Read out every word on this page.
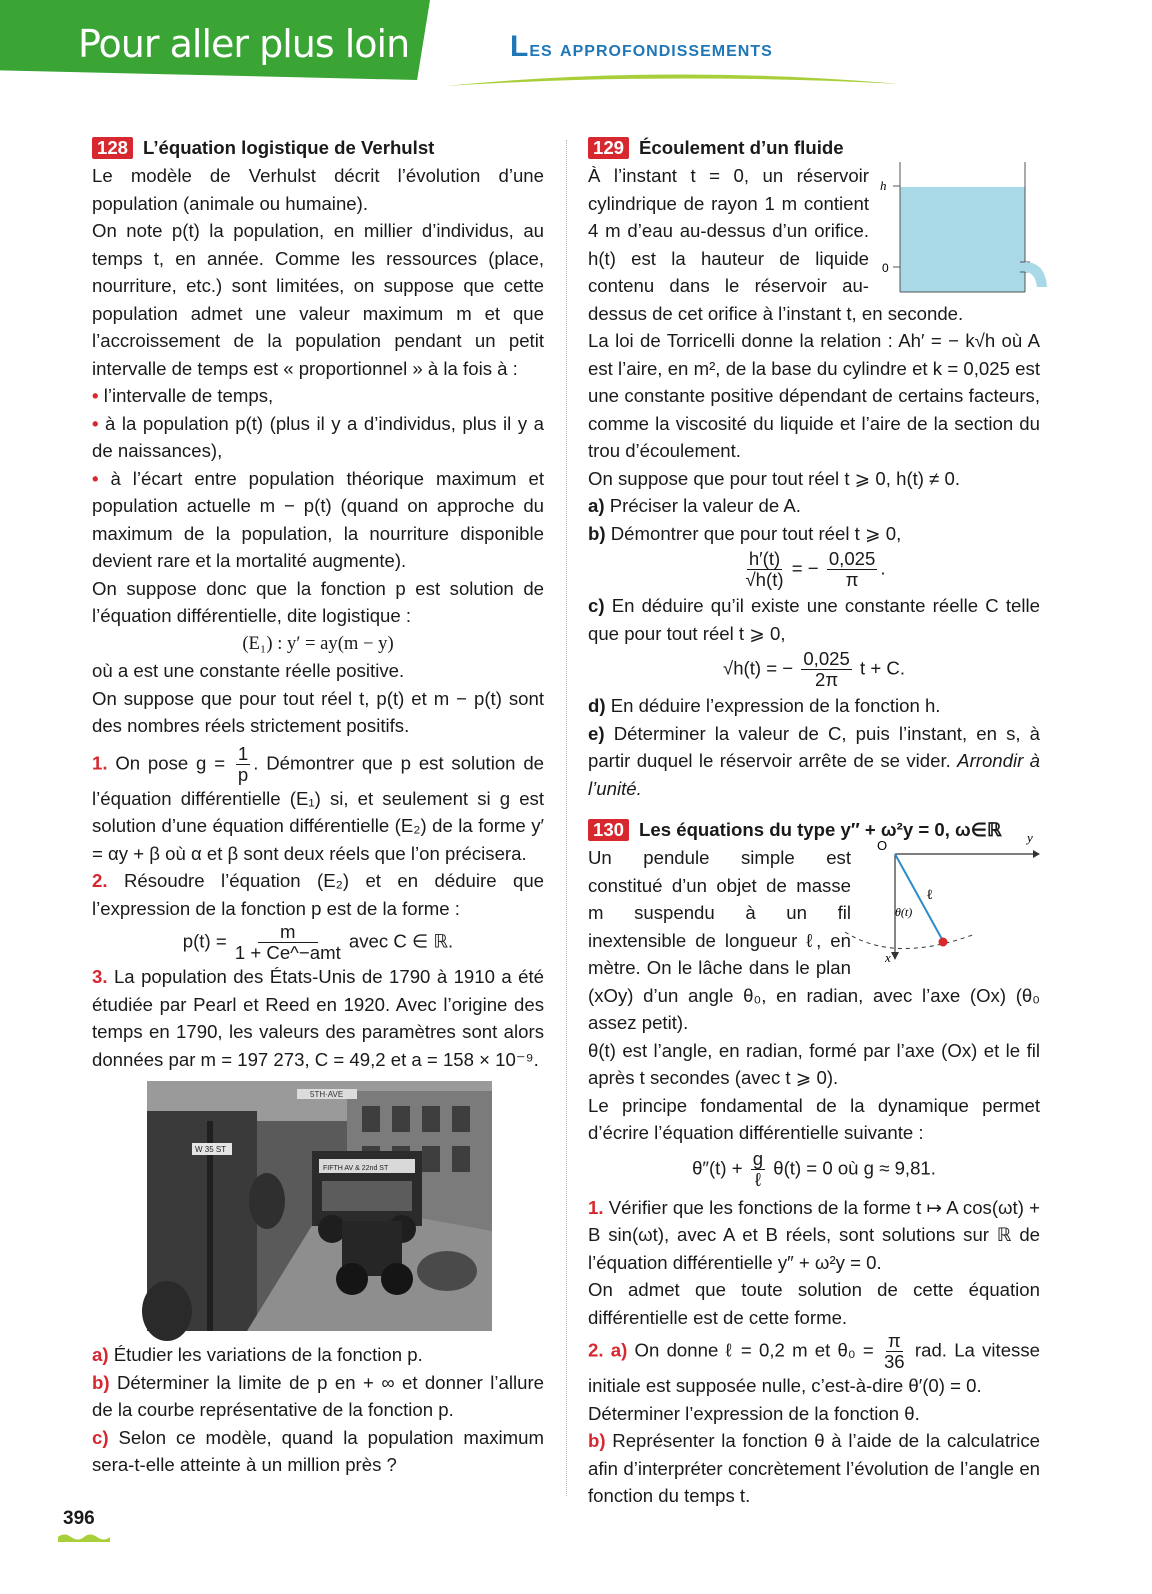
Pour aller plus loin	Les approfondissements
128 L’équation logistique de Verhulst

Le modèle de Verhulst décrit l’évolution d’une population (animale ou humaine).

On note p(t) la population, en millier d’individus, au temps t, en année. Comme les ressources (place, nourriture, etc.) sont limitées, on suppose que cette population admet une valeur maximum m et que l’accroissement de la population pendant un petit intervalle de temps est « proportionnel » à la fois à :

• l’intervalle de temps,

• à la population p(t) (plus il y a d’individus, plus il y a de naissances),

• à l’écart entre population théorique maximum et population actuelle m − p(t) (quand on approche du maximum de la population, la nourriture disponible devient rare et la mortalité augmente).

On suppose donc que la fonction p est solution de l’équation différentielle, dite logistique :

(E₁) : y′ = ay(m − y)

où a est une constante réelle positive.

On suppose que pour tout réel t, p(t) et m − p(t) sont des nombres réels strictement positifs.

1. On pose $g = \frac{1}{p}$ . Démontrer que p est solution de l’équation différentielle (E₁) si, et seulement si g est solution d’une équation différentielle (E₂) de la forme y′ = αy + β où α et β sont deux réels que l’on précisera.

2. Résoudre l’équation (E₂) et en déduire que l’expression de la fonction p est de la forme :

$p(t) = \frac{m}{\text{1 + Ce\textasciicircum{}−amt}}$ avec C ∈ ℝ.

3. La population des États-Unis de 1790 à 1910 a été étudiée par Pearl et Reed en 1920. Avec l’origine des temps en 1790, les valeurs des paramètres sont alors données par m = 197 273, C = 49,2 et a = 158 × 10⁻⁹.

5TH·AVE
W 35 ST
FIFTH AV & 22nd ST

a) Étudier les variations de la fonction p.

b) Déterminer la limite de p en + ∞ et donner l’allure de la courbe représentative de la fonction p.

c) Selon ce modèle, quand la population maximum sera-t-elle atteinte à un million près ?

129 Écoulement d’un fluide
h
0

À l’instant t = 0, un réservoir cylindrique de rayon 1 m contient 4 m d’eau au-dessus d’un orifice. h(t) est la hauteur de liquide contenu dans le réservoir au-dessus de cet orifice à l’instant t, en seconde.

La loi de Torricelli donne la relation : Ah′ = − k√h où A est l’aire, en m², de la base du cylindre et k = 0,025 est une constante positive dépendant de certains facteurs, comme la viscosité du liquide et l’aire de la section du trou d’écoulement.

On suppose que pour tout réel t ⩾ 0, h(t) ≠ 0.

a) Préciser la valeur de A.

b) Démontrer que pour tout réel t ⩾ 0,

$\frac{h'(t)}{√h(t)}$ = − $\frac{0,025}{\pi}$ .

c) En déduire qu’il existe une constante réelle C telle que pour tout réel t ⩾ 0,

√h(t) = − $\frac{0,025}{2\pi}$ t + C.

d) En déduire l’expression de la fonction h.

e) Déterminer la valeur de C, puis l’instant, en s, à partir duquel le réservoir arrête de se vider. Arrondir à l’unité.

130 Les équations du type y″ + ω²y = 0, ω∈ℝ
O
y
x
θ(t)
ℓ

Un pendule simple est constitué d’un objet de masse m suspendu à un fil inextensible de longueur ℓ, en mètre. On le lâche dans le plan (xOy) d’un angle θ₀, en radian, avec l’axe (Ox) (θ₀ assez petit).

θ(t) est l’angle, en radian, formé par l’axe (Ox) et le fil après t secondes (avec t ⩾ 0).

Le principe fondamental de la dynamique permet d’écrire l’équation différentielle suivante :

$\theta''(t) + \frac{g}{\text{ℓ}} \theta(t) = 0$ où g ≈ 9,81.

1. Vérifier que les fonctions de la forme t ↦ A cos(ωt) + B sin(ωt), avec A et B réels, sont solutions sur ℝ de l’équation différentielle y″ + ω²y = 0.

On admet que toute solution de cette équation différentielle est de cette forme.

2. a) On donne ℓ = 0,2 m et $\theta_0 = \frac{\pi}{36}$ rad. La vitesse initiale est supposée nulle, c’est-à-dire θ′(0) = 0.

Déterminer l’expression de la fonction θ.

b) Représenter la fonction θ à l’aide de la calculatrice afin d’interpréter concrètement l’évolution de l’angle en fonction du temps t.

396
